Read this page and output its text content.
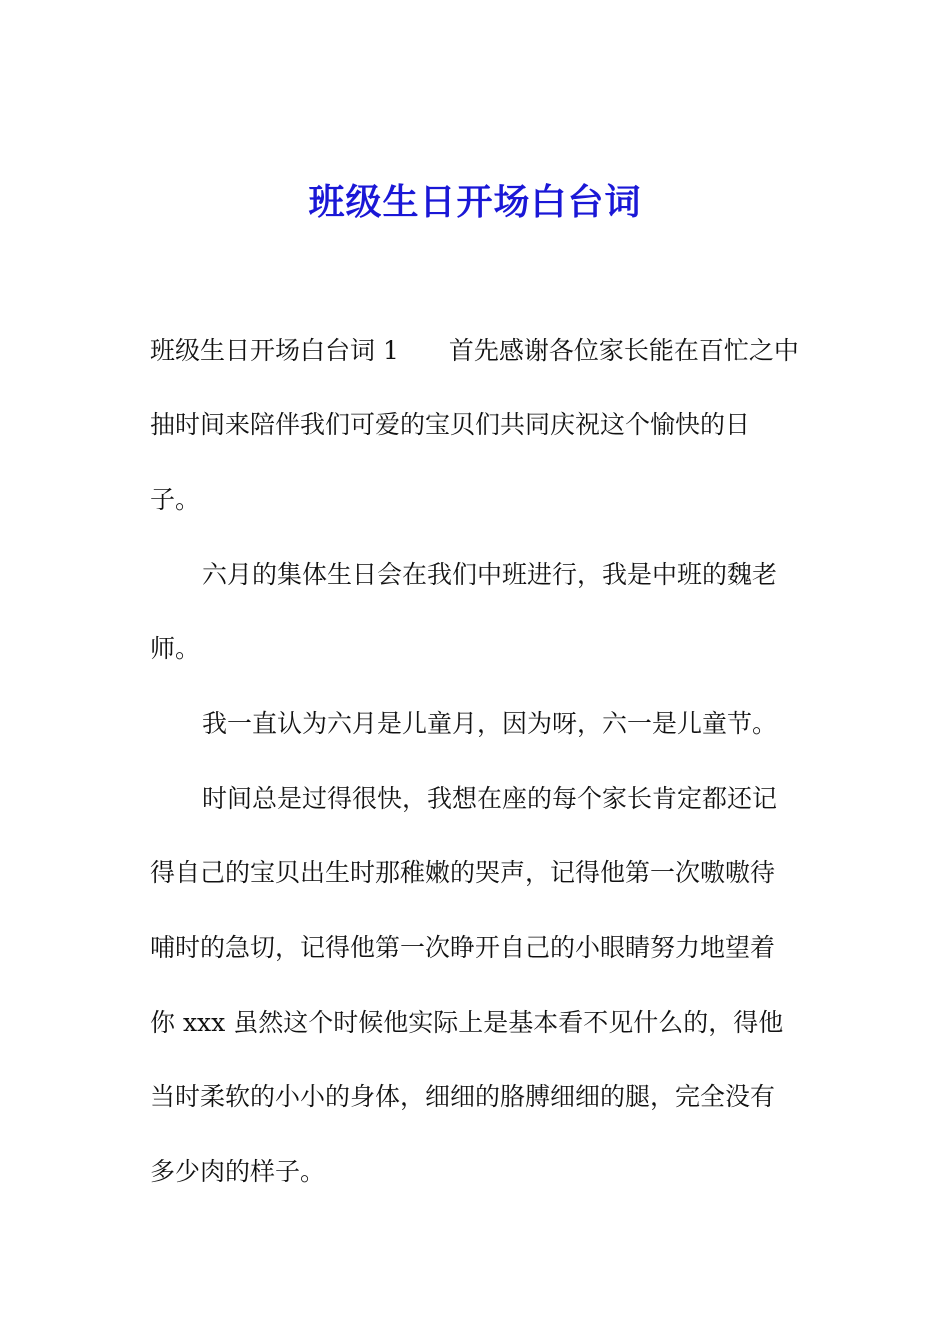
班级生日开场白台词
班级生日开场白台词 1 首先感谢各位家长能在百忙之中
抽时间来陪伴我们可爱的宝贝们共同庆祝这个愉快的日
子。
六月的集体生日会在我们中班进行，我是中班的魏老
师。
我一直认为六月是儿童月，因为呀，六一是儿童节。
时间总是过得很快，我想在座的每个家长肯定都还记
得自己的宝贝出生时那稚嫩的哭声，记得他第一次嗷嗷待
哺时的急切，记得他第一次睁开自己的小眼睛努力地望着
你 xxx 虽然这个时候他实际上是基本看不见什么的，得他
当时柔软的小小的身体，细细的胳膊细细的腿，完全没有
多少肉的样子。
